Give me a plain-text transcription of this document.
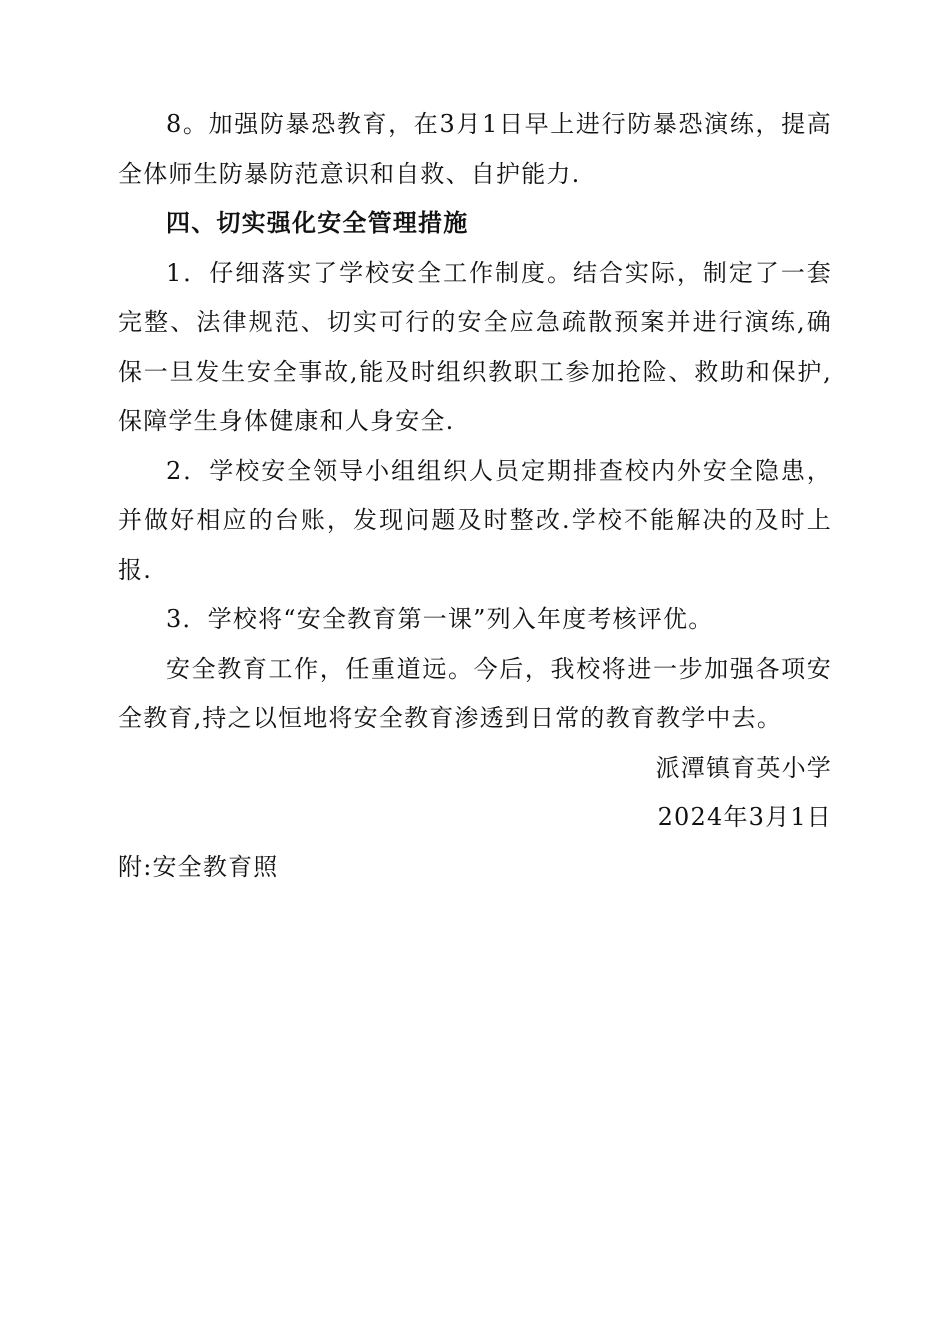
8。加强防暴恐教育，在3月1日早上进行防暴恐演练，提高全体师生防暴防范意识和自救、自护能力.

四、切实强化安全管理措施

1．仔细落实了学校安全工作制度。结合实际，制定了一套完整、法律规范、切实可行的安全应急疏散预案并进行演练,确保一旦发生安全事故,能及时组织教职工参加抢险、救助和保护,保障学生身体健康和人身安全.

2．学校安全领导小组组织人员定期排查校内外安全隐患，并做好相应的台账，发现问题及时整改.学校不能解决的及时上报.

3．学校将“安全教育第一课”列入年度考核评优。

安全教育工作，任重道远。今后，我校将进一步加强各项安全教育,持之以恒地将安全教育渗透到日常的教育教学中去。

派潭镇育英小学

2024年3月1日

附:安全教育照
